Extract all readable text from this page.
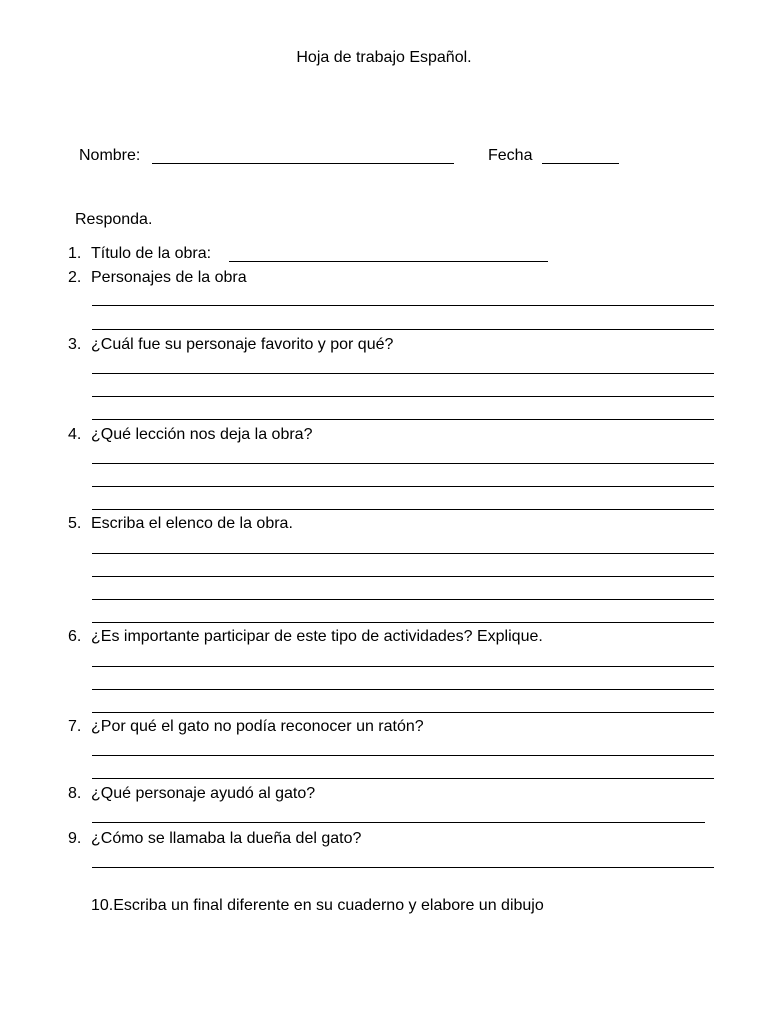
Hoja de trabajo Español.
Nombre:	Fecha
Responda.
1. Título de la obra:
2. Personajes de la obra
3. ¿Cuál fue su personaje favorito y por qué?
4. ¿Qué lección nos deja la obra?
5. Escriba el elenco de la obra.
6. ¿Es importante participar de este tipo de actividades? Explique.
7. ¿Por qué el gato no podía reconocer un ratón?
8. ¿Qué personaje ayudó al gato?
9. ¿Cómo se llamaba la dueña del gato?
10.Escriba un final diferente en su cuaderno y elabore un dibujo
